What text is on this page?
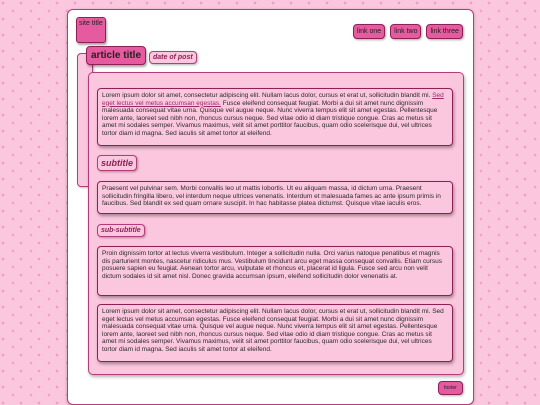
site title
link one	link two	link three
article title	date of post
Lorem ipsum dolor sit amet, consectetur adipiscing elit. Nullam lacus dolor, cursus et erat ut, sollicitudin blandit mi. Sed eget lectus vel metus accumsan egestas. Fusce eleifend consequat feugiat. Morbi a dui sit amet nunc dignissim malesuada consequat vitae urna. Quisque vel augue neque. Nunc viverra tempus elit sit amet egestas. Pellentesque lorem ante, laoreet sed nibh non, rhoncus cursus neque. Sed vitae odio id diam tristique congue. Cras ac metus sit amet mi sodales semper. Vivamus maximus, velit sit amet porttitor faucibus, quam odio scelerisque dui, vel ultrices tortor diam id magna. Sed iaculis sit amet tortor at eleifend.
subtitle
Praesent vel pulvinar sem. Morbi convallis leo ut mattis lobortis. Ut eu aliquam massa, id dictum urna. Praesent sollicitudin fringilla libero, vel interdum neque ultrices venenatis. Interdum et malesuada fames ac ante ipsum primis in faucibus. Sed blandit ex sed quam ornare suscipit. In hac habitasse platea dictumst. Quisque vitae iaculis eros.
sub-subtitle
Proin dignissim tortor at lectus viverra vestibulum. Integer a sollicitudin nulla. Orci varius natoque penatibus et magnis dis parturient montes, nascetur ridiculus mus. Vestibulum tincidunt arcu eget massa consequat convallis. Etiam cursus posuere sapien eu feugiat. Aenean tortor arcu, vulputate et rhoncus et, placerat id ligula. Fusce sed arcu non velit dictum sodales id sit amet nisl. Donec gravida accumsan ipsum, eleifend sollicitudin dolor venenatis at.
Lorem ipsum dolor sit amet, consectetur adipiscing elit. Nullam lacus dolor, cursus et erat ut, sollicitudin blandit mi. Sed eget lectus vel metus accumsan egestas. Fusce eleifend consequat feugiat. Morbi a dui sit amet nunc dignissim malesuada consequat vitae urna. Quisque vel augue neque. Nunc viverra tempus elit sit amet egestas. Pellentesque lorem ante, laoreet sed nibh non, rhoncus cursus neque. Sed vitae odio id diam tristique congue. Cras ac metus sit amet mi sodales semper. Vivamus maximus, velit sit amet porttitor faucibus, quam odio scelerisque dui, vel ultrices tortor diam id magna. Sed iaculis sit amet tortor at eleifend.
footer
